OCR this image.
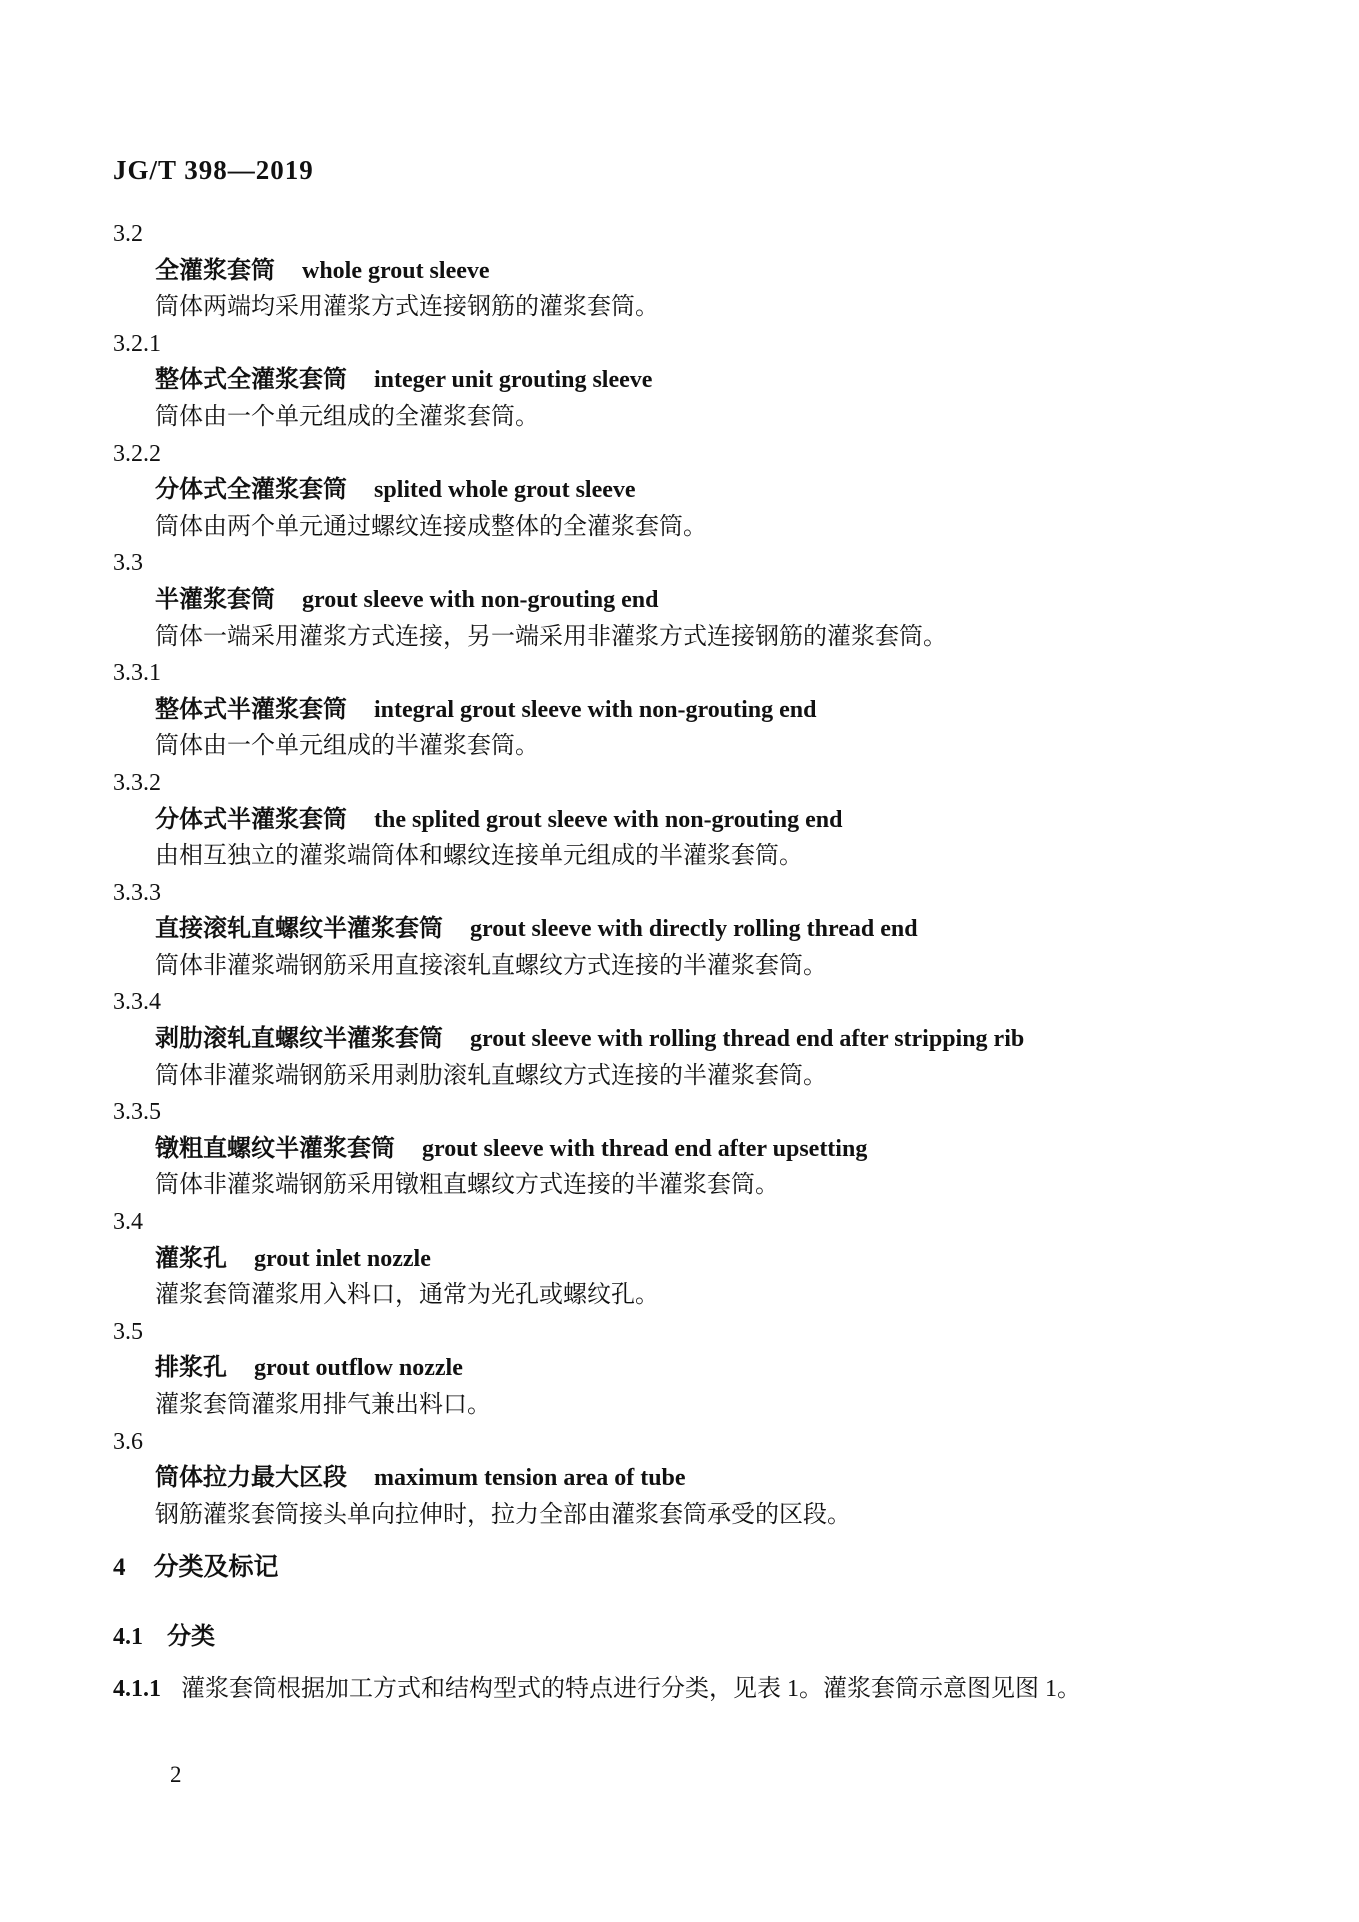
JG/T 398—2019
3.2
全灌浆套筒 whole grout sleeve
筒体两端均采用灌浆方式连接钢筋的灌浆套筒。
3.2.1
整体式全灌浆套筒 integer unit grouting sleeve
筒体由一个单元组成的全灌浆套筒。
3.2.2
分体式全灌浆套筒 splited whole grout sleeve
筒体由两个单元通过螺纹连接成整体的全灌浆套筒。
3.3
半灌浆套筒 grout sleeve with non-grouting end
筒体一端采用灌浆方式连接，另一端采用非灌浆方式连接钢筋的灌浆套筒。
3.3.1
整体式半灌浆套筒 integral grout sleeve with non-grouting end
筒体由一个单元组成的半灌浆套筒。
3.3.2
分体式半灌浆套筒 the splited grout sleeve with non-grouting end
由相互独立的灌浆端筒体和螺纹连接单元组成的半灌浆套筒。
3.3.3
直接滚轧直螺纹半灌浆套筒 grout sleeve with directly rolling thread end
筒体非灌浆端钢筋采用直接滚轧直螺纹方式连接的半灌浆套筒。
3.3.4
剥肋滚轧直螺纹半灌浆套筒 grout sleeve with rolling thread end after stripping rib
筒体非灌浆端钢筋采用剥肋滚轧直螺纹方式连接的半灌浆套筒。
3.3.5
镦粗直螺纹半灌浆套筒 grout sleeve with thread end after upsetting
筒体非灌浆端钢筋采用镦粗直螺纹方式连接的半灌浆套筒。
3.4
灌浆孔 grout inlet nozzle
灌浆套筒灌浆用入料口，通常为光孔或螺纹孔。
3.5
排浆孔 grout outflow nozzle
灌浆套筒灌浆用排气兼出料口。
3.6
筒体拉力最大区段 maximum tension area of tube
钢筋灌浆套筒接头单向拉伸时，拉力全部由灌浆套筒承受的区段。
4 分类及标记
4.1 分类
4.1.1 灌浆套筒根据加工方式和结构型式的特点进行分类，见表 1。灌浆套筒示意图见图 1。
2
